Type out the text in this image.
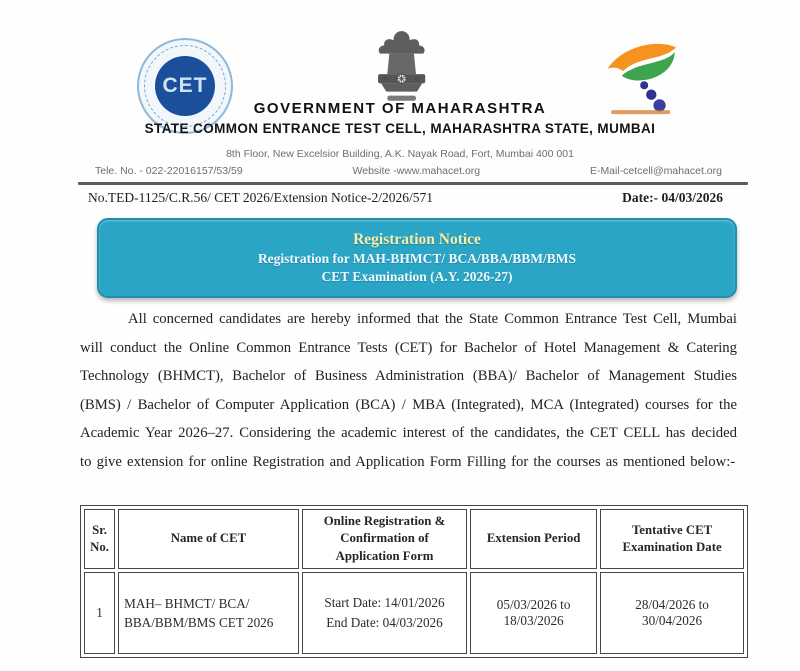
CET
GOVERNMENT OF MAHARASHTRA
STATE COMMON ENTRANCE TEST CELL, MAHARASHTRA STATE, MUMBAI
8th Floor, New Excelsior Building, A.K. Nayak Road, Fort, Mumbai 400 001
Tele. No. - 022-22016157/53/59	Website -www.mahacet.org	E-Mail-cetcell@mahacet.org
No.TED-1125/C.R.56/ CET 2026/Extension Notice-2/2026/571	Date:- 04/03/2026
Registration Notice
Registration for MAH-BHMCT/ BCA/BBA/BBM/BMS
CET Examination (A.Y. 2026-27)

All concerned candidates are hereby informed that the State Common Entrance Test Cell, Mumbai will conduct the Online Common Entrance Tests (CET) for Bachelor of Hotel Management & Catering Technology (BHMCT), Bachelor of Business Administration (BBA)/ Bachelor of Management Studies (BMS) / Bachelor of Computer Application (BCA) / MBA (Integrated), MCA (Integrated) courses for the Academic Year 2026–27. Considering the academic interest of the candidates, the CET CELL has decided to give extension for online Registration and Application Form Filling for the courses as mentioned below:-

Sr. No.	Name of CET	Online Registration & Confirmation of Application Form	Extension Period	Tentative CET Examination Date
1	MAH– BHMCT/ BCA/ BBA/BBM/BMS CET 2026	Start Date: 14/01/2026
End Date: 04/03/2026	05/03/2026 to 18/03/2026	28/04/2026 to 30/04/2026
